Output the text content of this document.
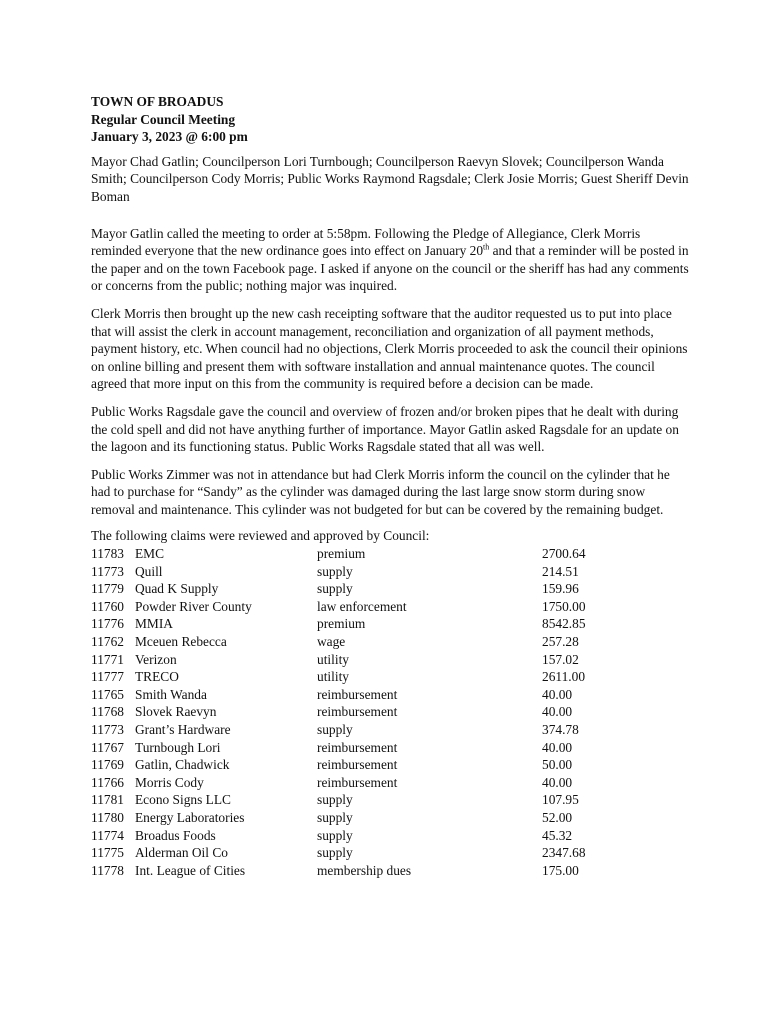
TOWN OF BROADUS

Regular Council Meeting

January 3, 2023 @ 6:00 pm

Mayor Chad Gatlin; Councilperson Lori Turnbough; Councilperson Raevyn Slovek; Councilperson Wanda Smith; Councilperson Cody Morris; Public Works Raymond Ragsdale; Clerk Josie Morris; Guest Sheriff Devin Boman

Mayor Gatlin called the meeting to order at 5:58pm. Following the Pledge of Allegiance, Clerk Morris reminded everyone that the new ordinance goes into effect on January 20th and that a reminder will be posted in the paper and on the town Facebook page. I asked if anyone on the council or the sheriff has had any comments or concerns from the public; nothing major was inquired.

Clerk Morris then brought up the new cash receipting software that the auditor requested us to put into place that will assist the clerk in account management, reconciliation and organization of all payment methods, payment history, etc. When council had no objections, Clerk Morris proceeded to ask the council their opinions on online billing and present them with software installation and annual maintenance quotes. The council agreed that more input on this from the community is required before a decision can be made.

Public Works Ragsdale gave the council and overview of frozen and/or broken pipes that he dealt with during the cold spell and did not have anything further of importance. Mayor Gatlin asked Ragsdale for an update on the lagoon and its functioning status. Public Works Ragsdale stated that all was well.

Public Works Zimmer was not in attendance but had Clerk Morris inform the council on the cylinder that he had to purchase for “Sandy” as the cylinder was damaged during the last large snow storm during snow removal and maintenance. This cylinder was not budgeted for but can be covered by the remaining budget.

The following claims were reviewed and approved by Council:

11783 EMC	premium	2700.64
11773 Quill	supply	214.51
11779 Quad K Supply	supply	159.96
11760 Powder River County	law enforcement	1750.00
11776 MMIA	premium	8542.85
11762 Mceuen Rebecca	wage	257.28
11771 Verizon	utility	157.02
11777 TRECO	utility	2611.00
11765 Smith Wanda	reimbursement	40.00
11768 Slovek Raevyn	reimbursement	40.00
11773 Grant’s Hardware	supply	374.78
11767 Turnbough Lori	reimbursement	40.00
11769 Gatlin, Chadwick	reimbursement	50.00
11766 Morris Cody	reimbursement	40.00
11781 Econo Signs LLC	supply	107.95
11780 Energy Laboratories	supply	52.00
11774 Broadus Foods	supply	45.32
11775 Alderman Oil Co	supply	2347.68
11778 Int. League of Cities	membership dues	175.00
